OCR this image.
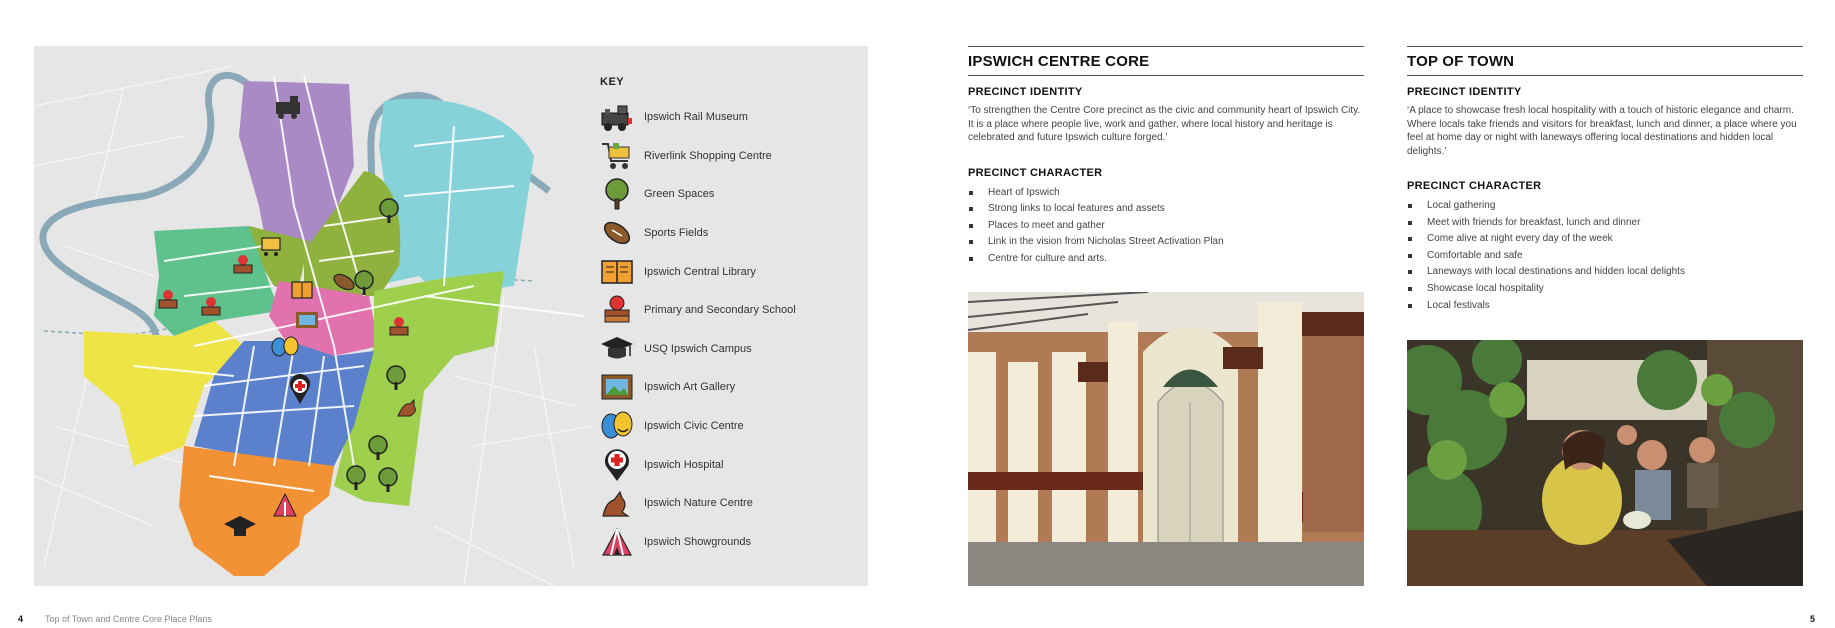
KEY
Ipswich Rail Museum
Riverlink Shopping Centre
Green Spaces
Sports Fields
Ipswich Central Library
Primary and Secondary School
USQ Ipswich Campus
Ipswich Art Gallery
Ipswich Civic Centre
Ipswich Hospital
Ipswich Nature Centre
Ipswich Showgrounds
4 Top of Town and Centre Core Place Plans
IPSWICH CENTRE CORE
PRECINCT IDENTITY

‘To strengthen the Centre Core precinct as the civic and community heart of Ipswich City. It is a place where people live, work and gather, where local history and heritage is celebrated and future Ipswich culture forged.’

PRECINCT CHARACTER
Heart of Ipswich
Strong links to local features and assets
Places to meet and gather
Link in the vision from Nicholas Street Activation Plan
Centre for culture and arts.
TOP OF TOWN
PRECINCT IDENTITY

‘A place to showcase fresh local hospitality with a touch of historic elegance and charm. Where locals take friends and visitors for breakfast, lunch and dinner, a place where you feel at home day or night with laneways offering local destinations and hidden local delights.’

PRECINCT CHARACTER
Local gathering
Meet with friends for breakfast, lunch and dinner
Come alive at night every day of the week
Comfortable and safe
Laneways with local destinations and hidden local delights
Showcase local hospitality
Local festivals
5
